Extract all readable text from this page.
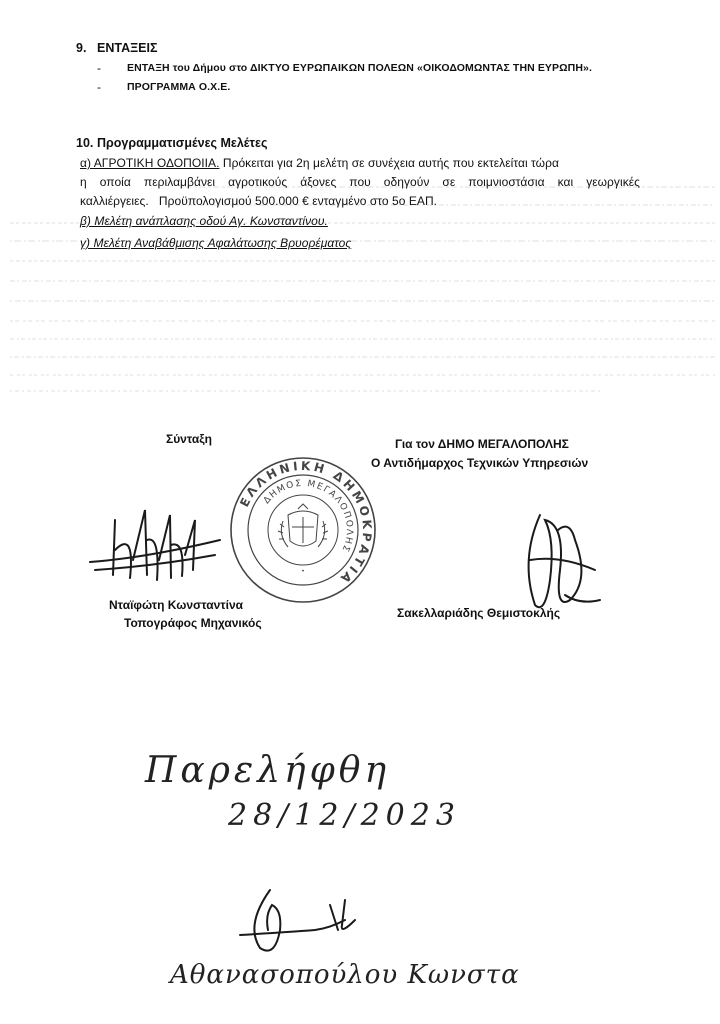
9. ΕΝΤΑΞΕΙΣ
- ΕΝΤΑΞΗ του Δήμου στο ΔΙΚΤΥΟ ΕΥΡΩΠΑΙΚΩΝ ΠΟΛΕΩΝ «ΟΙΚΟΔΟΜΩΝΤΑΣ ΤΗΝ ΕΥΡΩΠΗ».
- ΠΡΟΓΡΑΜΜΑ Ο.Χ.Ε.
10. Προγραμματισμένες Μελέτες
α) ΑΓΡΟΤΙΚΗ ΟΔΟΠΟΙΙΑ. Πρόκειται για 2η μελέτη σε συνέχεια αυτής που εκτελείται τώρα
η οποία περιλαμβάνει αγροτικούς άξονες που οδηγούν σε ποιμνιοστάσια και γεωργικές
καλλιέργειες.   Προϋπολογισμού 500.000 € ενταγμένο στο 5ο ΕΑΠ.
β) Μελέτη ανάπλασης οδού Αγ. Κωνσταντίνου.
γ) Μελέτη Αναβάθμισης Αφαλάτωσης Βρυορέματος
Σύνταξη	Για τον ΔΗΜΟ ΜΕΓΑΛΟΠΟΛΗΣ
Ο Αντιδήμαρχος Τεχνικών Υπηρεσιών
ΕΛΛΗΝΙΚΗ ΔΗΜΟΚΡΑΤΙΑ
ΔΗΜΟΣ ΜΕΓΑΛΟΠΟΛΗΣ
•
Νταϊφώτη Κωνσταντίνα
Τοπογράφος Μηχανικός
Σακελλαριάδης Θεμιστοκλής
Παρελήφθη
28/12/2023
Αθανασοπούλου Κωνστα
